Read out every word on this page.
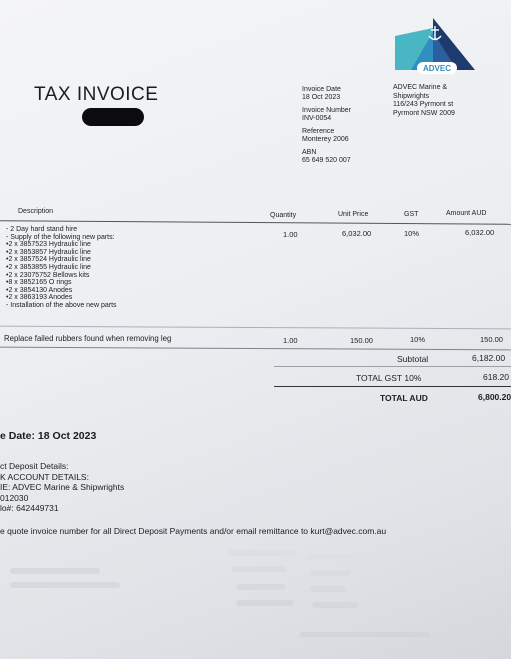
TAX INVOICE	Invoice Date
18 Oct 2023
Invoice Number
INV-0054
Reference
Monterey 2006
ABN
65 649 520 007
ADVEC Marine &
Shipwrights
116/243 Pyrmont st
Pyrmont NSW 2009
ADVEC
Description
Quantity	Unit Price	GST	Amount AUD
- 2 Day hard stand hire
- Supply of the following new parts:
•2 x 3857523 Hydraulic line
•2 x 3853857 Hydraulic line
•2 x 3857524 Hydraulic line
•2 x 3853855 Hydraulic line
•2 x 23075752 Bellows kits
•8 x 3852165 O rings
•2 x 3854130 Anodes
•2 x 3863193 Anodes
- Installation of the above new parts
1.00	6,032.00	10%	6,032.00
Replace failed rubbers found when removing leg	1.00	150.00	10%	150.00
Subtotal	6,182.00
TOTAL GST 10%	618.20
TOTAL AUD	6,800.20
e Date: 18 Oct 2023
ct Deposit Details:
K ACCOUNT DETAILS:
IE: ADVEC Marine & Shipwrights
012030
lo#: 642449731
e quote invoice number for all Direct Deposit Payments and/or email remittance to kurt@advec.com.au
